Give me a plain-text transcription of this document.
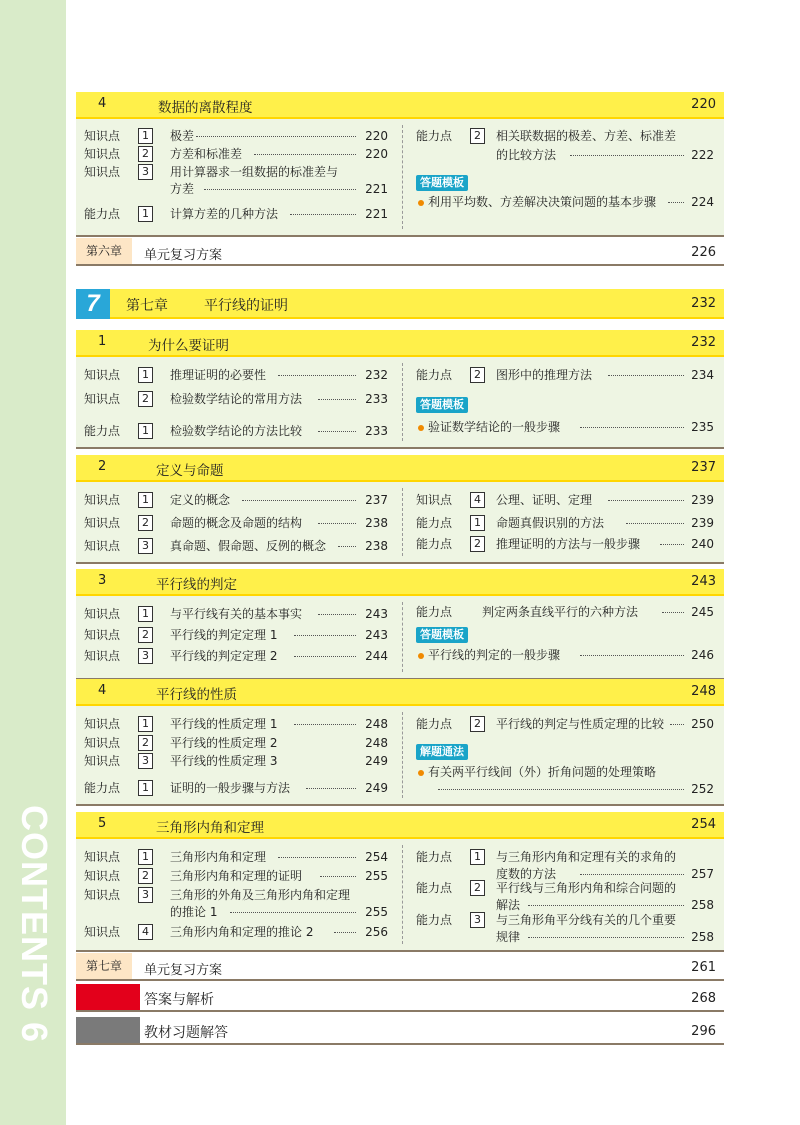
CONTENTS 6
4	数据的离散程度	220
知识点	1	极差	220
知识点	2	方差和标准差	220
知识点	3	用计算器求一组数据的标准差与
方差	221
能力点	1	计算方差的几种方法	221
能力点	2	相关联数据的极差、方差、标准差
的比较方法	222
答题模板
利用平均数、方差解决决策问题的基本步骤	224
第六章	单元复习方案	226
7	第七章	平行线的证明	232
1	为什么要证明	232
知识点	1	推理证明的必要性	232
知识点	2	检验数学结论的常用方法	233
能力点	1	检验数学结论的方法比较	233
能力点	2	图形中的推理方法	234
答题模板
验证数学结论的一般步骤	235
2	定义与命题	237
知识点	1	定义的概念	237
知识点	2	命题的概念及命题的结构	238
知识点	3	真命题、假命题、反例的概念	238
知识点	4	公理、证明、定理	239
能力点	1	命题真假识别的方法	239
能力点	2	推理证明的方法与一般步骤	240
3	平行线的判定	243
知识点	1	与平行线有关的基本事实	243
知识点	2	平行线的判定定理 1	243
知识点	3	平行线的判定定理 2	244
能力点 判定两条直线平行的六种方法	245
答题模板
平行线的判定的一般步骤	246
4	平行线的性质	248
知识点	1	平行线的性质定理 1	248
知识点	2	平行线的性质定理 2	248
知识点	3	平行线的性质定理 3	249
能力点	1	证明的一般步骤与方法	249
能力点	2	平行线的判定与性质定理的比较	250
解题通法
有关两平行线间（外）折角问题的处理策略
252
5	三角形内角和定理	254
知识点	1	三角形内角和定理	254
知识点	2	三角形内角和定理的证明	255
知识点	3	三角形的外角及三角形内角和定理
的推论 1	255
知识点	4	三角形内角和定理的推论 2	256
能力点	1	与三角形内角和定理有关的求角的
度数的方法	257
能力点	2	平行线与三角形内角和综合问题的
解法	258
能力点	3	与三角形角平分线有关的几个重要
规律	258
第七章	单元复习方案	261
答案与解析	268
教材习题解答	296
